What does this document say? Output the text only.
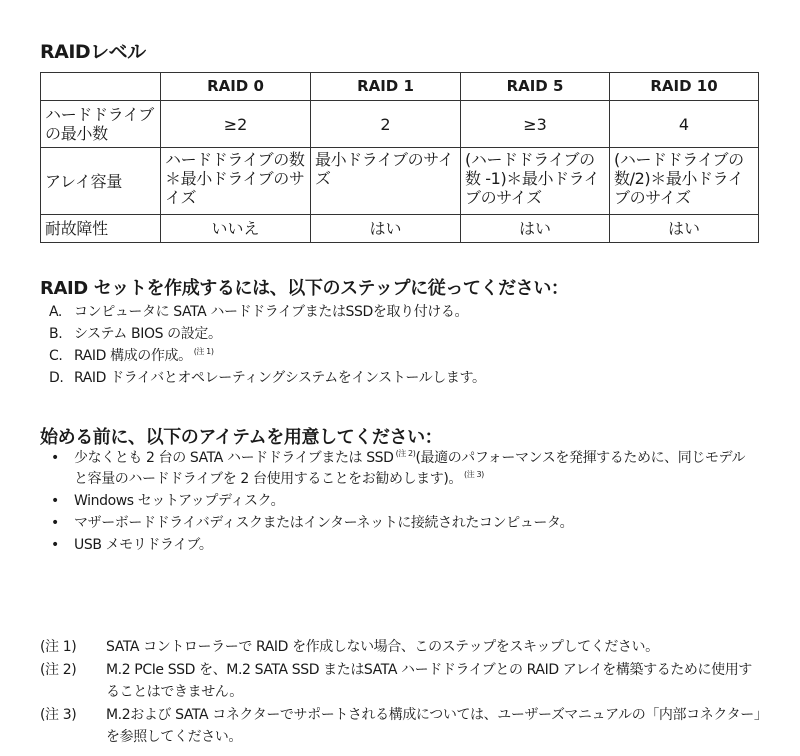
RAIDレベル
	RAID 0	RAID 1	RAID 5	RAID 10
ハードドライブの最小数	≥2	2	≥3	4
アレイ容量	ハードドライブの数＊最小ドライブのサイズ	最小ドライブのサイズ	(ハードドライブの数 -1)＊最小ドライブのサイズ	(ハードドライブの数/2)＊最小ドライブのサイズ
耐故障性	いいえ	はい	はい	はい
RAID セットを作成するには、以下のステップに従ってください：
A. コンピュータに SATA ハードドライブまたはSSDを取り付ける。
B. システム BIOS の設定。
C. RAID 構成の作成。 $^{(注 1)}$
D. RAID ドライバとオペレーティングシステムをインストールします。
始める前に、以下のアイテムを用意してください：
• 少なくとも 2 台の SATA ハードドライブまたは SSD $^{(注 2)}$(最適のパフォーマンスを発揮するために、同じモデルと容量のハードドライブを 2 台使用することをお勧めします)。 $^{(注 3)}$
• Windows セットアップディスク。
• マザーボードドライバディスクまたはインターネットに接続されたコンピュータ。
• USB メモリドライブ。
(注 1) SATA コントローラーで RAID を作成しない場合、このステップをスキップしてください。
(注 2) M.2 PCIe SSD を、M.2 SATA SSD またはSATA ハードドライブとの RAID アレイを構築するために使用することはできません。
(注 3) M.2および SATA コネクターでサポートされる構成については、ユーザーズマニュアルの「内部コネクター」を参照してください。
